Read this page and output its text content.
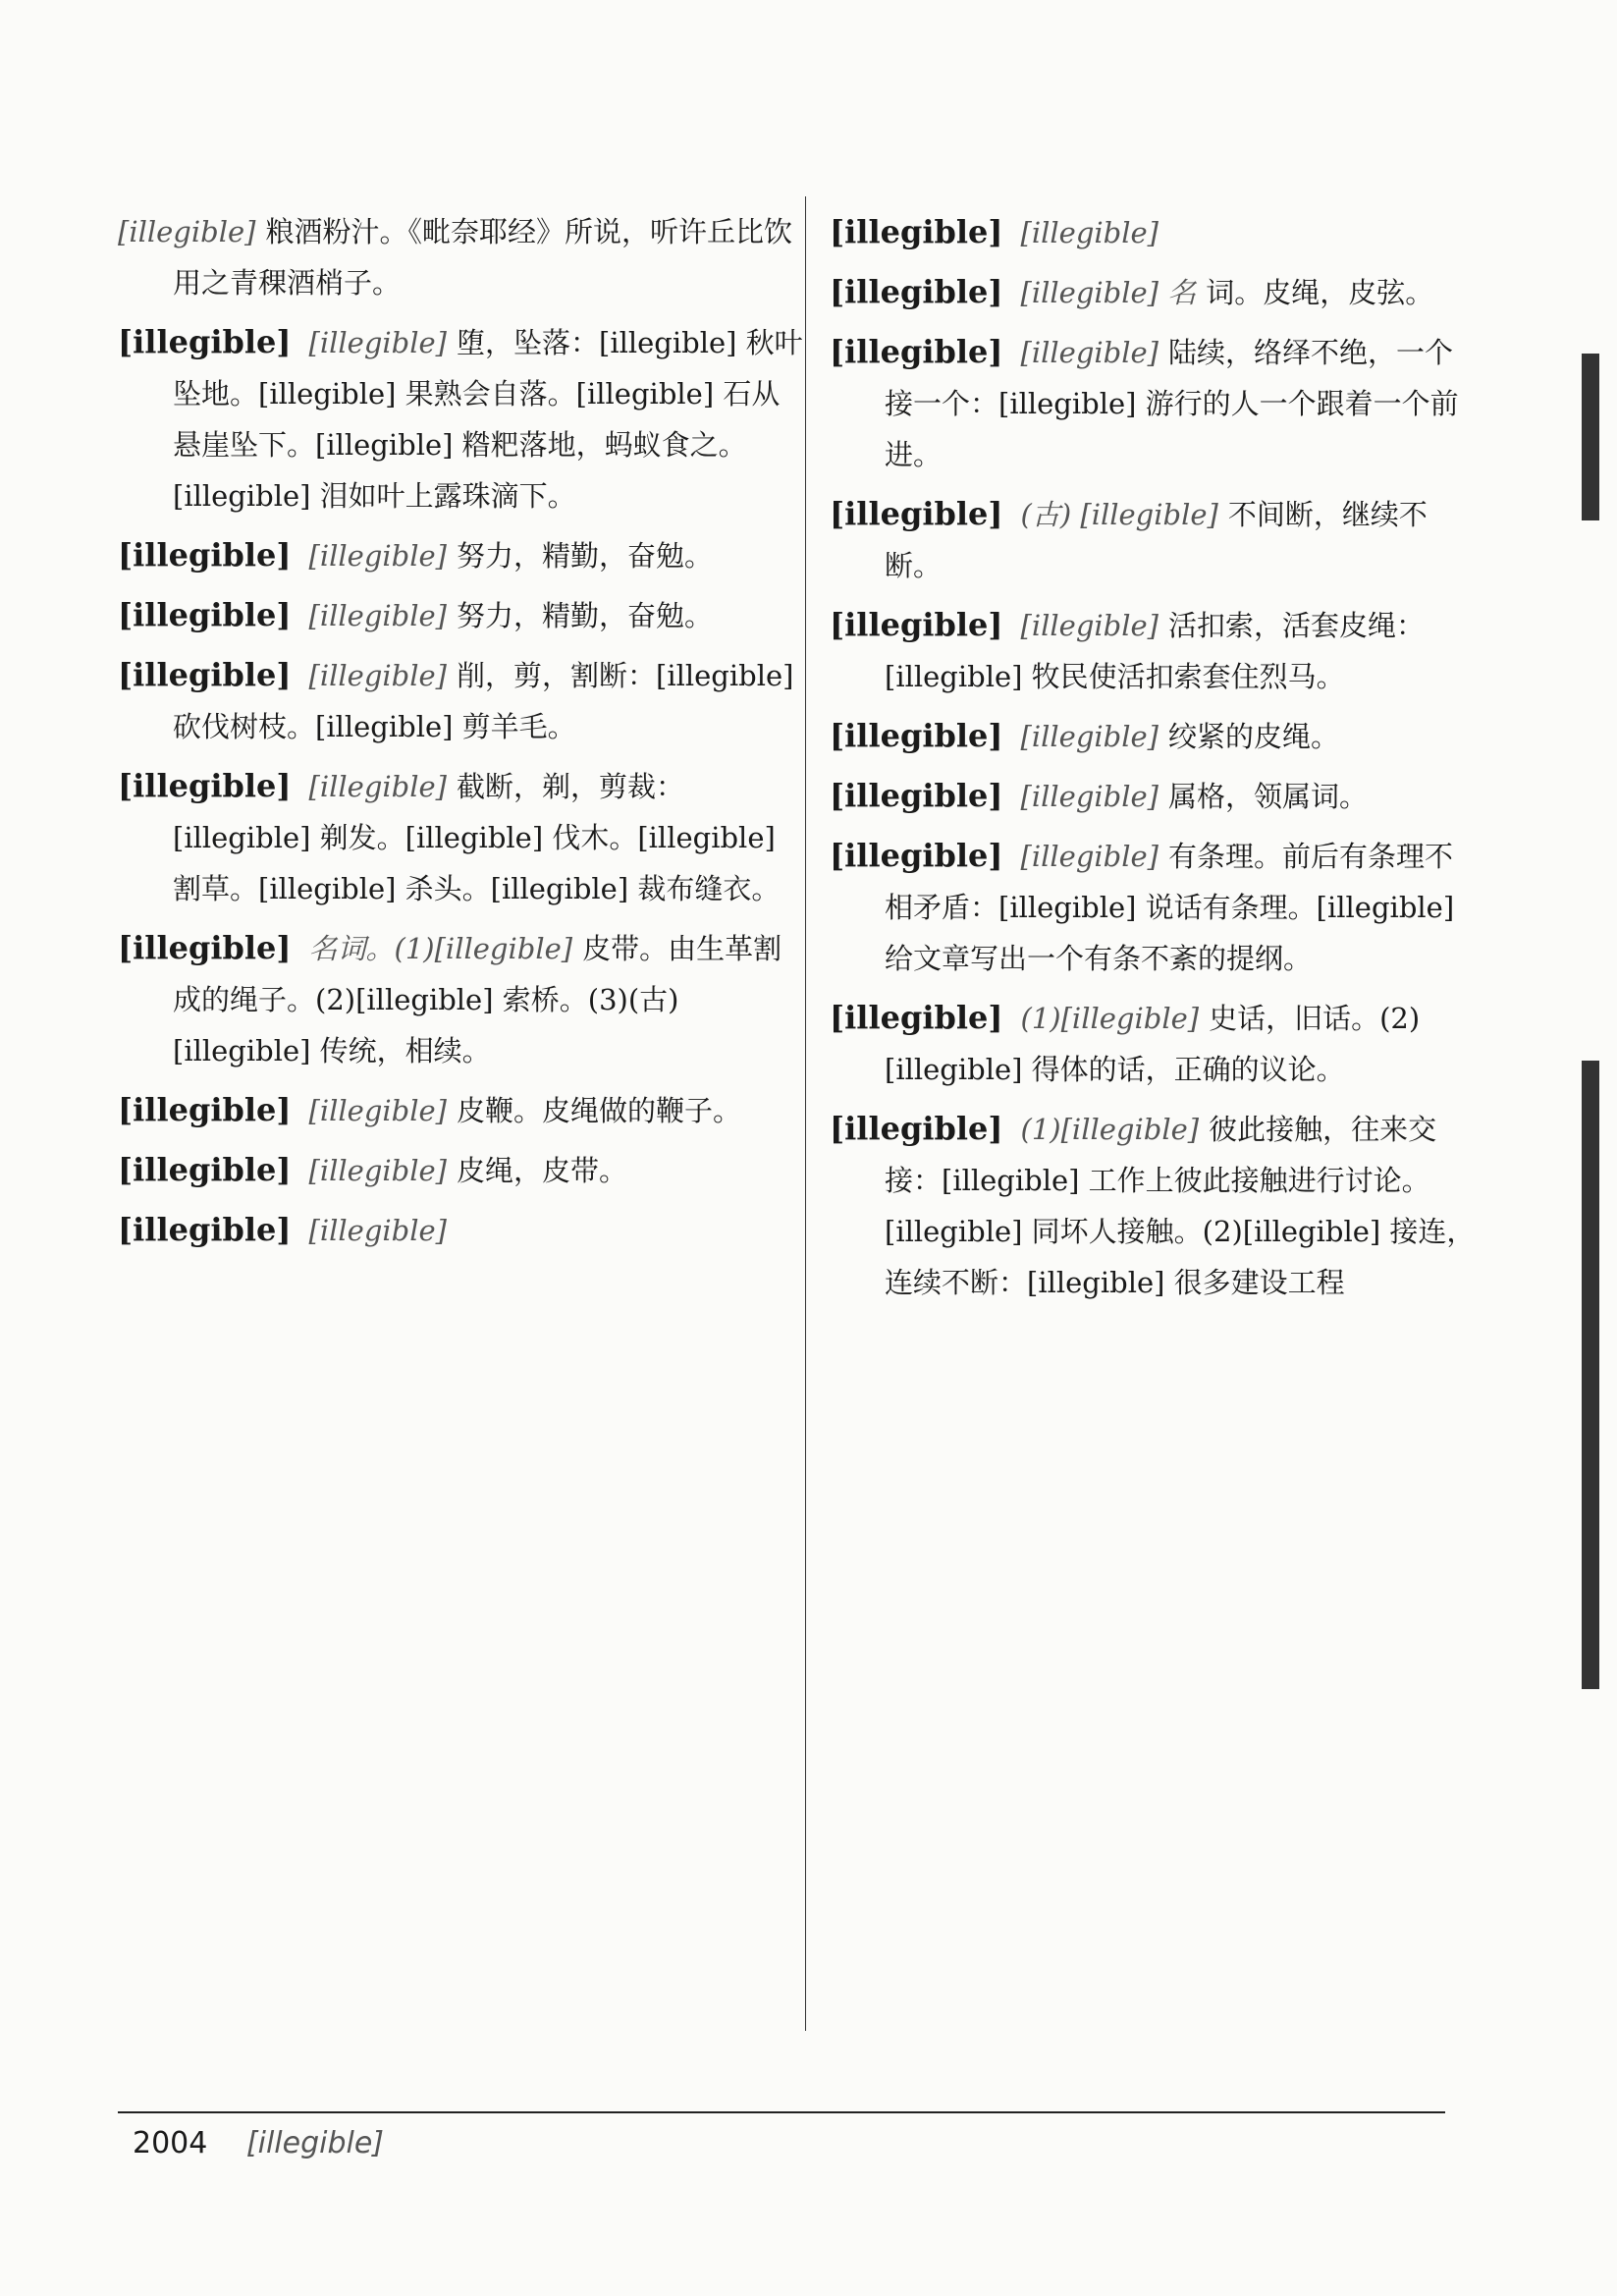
[illegible] 粮酒粉汁。《毗奈耶经》所说，听许丘比饮用之青稞酒梢子。
[illegible] [illegible] 堕，坠落：[illegible] 秋叶坠地。[illegible] 果熟会自落。[illegible] 石从悬崖坠下。[illegible] 糌粑落地，蚂蚁食之。[illegible] 泪如叶上露珠滴下。
[illegible] [illegible] 努力，精勤，奋勉。
[illegible] [illegible] 努力，精勤，奋勉。
[illegible] [illegible] 削，剪，割断：[illegible] 砍伐树枝。[illegible] 剪羊毛。
[illegible] [illegible] 截断，剃，剪裁：[illegible] 剃发。[illegible] 伐木。[illegible] 割草。[illegible] 杀头。[illegible] 裁布缝衣。
[illegible] 名词。(1)[illegible] 皮带。由生革割成的绳子。(2)[illegible] 索桥。(3)(古)[illegible] 传统，相续。
[illegible] [illegible] 皮鞭。皮绳做的鞭子。
[illegible] [illegible] 皮绳，皮带。
[illegible] [illegible]
[illegible] [illegible]
[illegible] [illegible] 名 词。皮绳，皮弦。
[illegible] [illegible] 陆续，络绎不绝，一个接一个：[illegible] 游行的人一个跟着一个前进。
[illegible] (古) [illegible] 不间断，继续不断。
[illegible] [illegible] 活扣索，活套皮绳：[illegible] 牧民使活扣索套住烈马。
[illegible] [illegible] 绞紧的皮绳。
[illegible] [illegible] 属格，领属词。
[illegible] [illegible] 有条理。前后有条理不相矛盾：[illegible] 说话有条理。[illegible] 给文章写出一个有条不紊的提纲。
[illegible] (1)[illegible] 史话，旧话。(2)[illegible] 得体的话，正确的议论。
[illegible] (1)[illegible] 彼此接触，往来交接：[illegible] 工作上彼此接触进行讨论。[illegible] 同坏人接触。(2)[illegible] 接连，连续不断：[illegible] 很多建设工程
2004 [illegible]
